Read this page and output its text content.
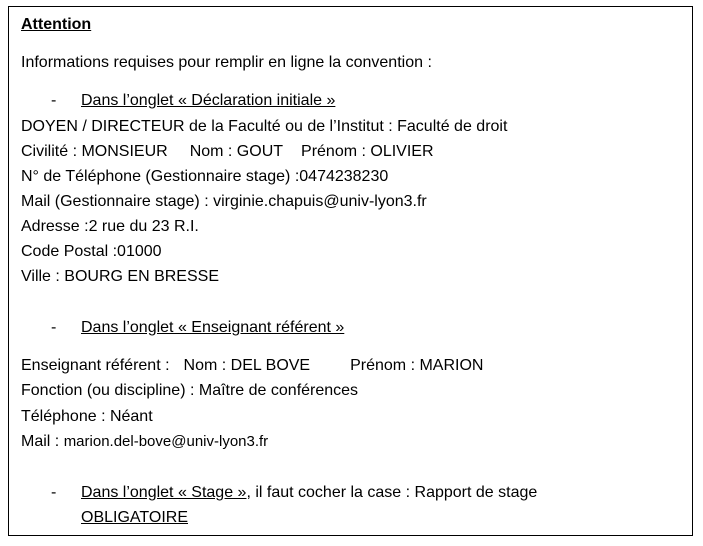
Attention
Informations requises pour remplir en ligne la convention :
- Dans l’onglet « Déclaration initiale »
DOYEN / DIRECTEUR de la Faculté ou de l’Institut : Faculté de droit
Civilité : MONSIEUR Nom : GOUT Prénom : OLIVIER
N° de Téléphone (Gestionnaire stage) :0474238230
Mail (Gestionnaire stage) : virginie.chapuis@univ-lyon3.fr
Adresse :2 rue du 23 R.I.
Code Postal :01000
Ville : BOURG EN BRESSE
- Dans l’onglet « Enseignant référent »
Enseignant référent : Nom : DEL BOVE	Prénom : MARION
Fonction (ou discipline) : Maître de conférences
Téléphone : Néant
Mail : marion.del-bove@univ-lyon3.fr
- Dans l’onglet « Stage », il faut cocher la case : Rapport de stage
OBLIGATOIRE
